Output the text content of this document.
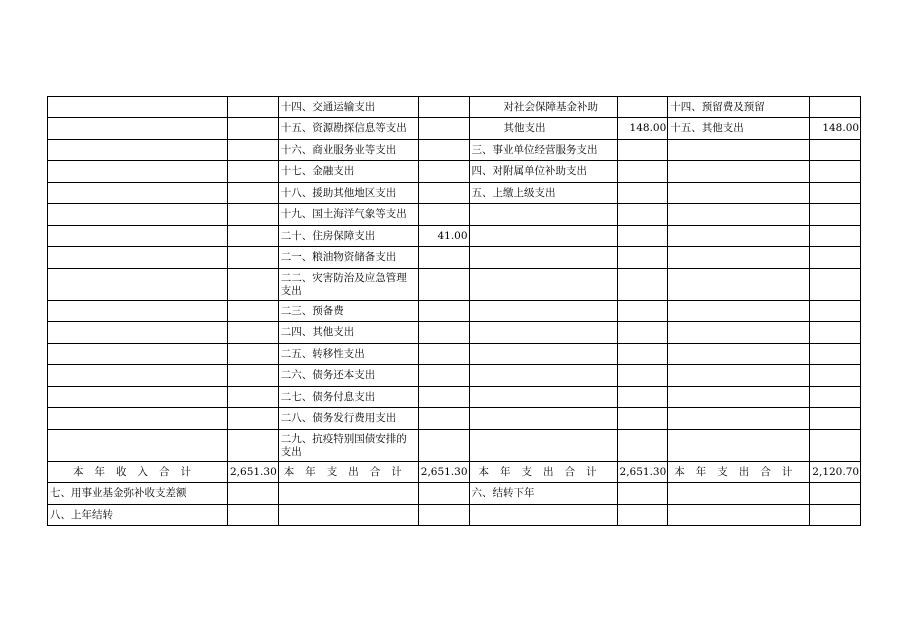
		十四、交通运输支出		对社会保障基金补助		十四、预留费及预留	
		十五、资源勘探信息等支出		其他支出	148.00	十五、其他支出	148.00
		十六、商业服务业等支出		三、事业单位经营服务支出			
		十七、金融支出		四、对附属单位补助支出			
		十八、援助其他地区支出		五、上缴上级支出			
		十九、国土海洋气象等支出					
		二十、住房保障支出	41.00				
		二一、粮油物资储备支出					
		二二、灾害防治及应急管理支出					
		二三、预备费					
		二四、其他支出					
		二五、转移性支出					
		二六、债务还本支出					
		二七、债务付息支出					
		二八、债务发行费用支出					
		二九、抗疫特别国债安排的支出					
本年收入合计	2,651.30	本年支出合计	2,651.30	本年支出合计	2,651.30	本年支出合计	2,120.70
七、用事业基金弥补收支差额				六、结转下年			
八、上年结转							
